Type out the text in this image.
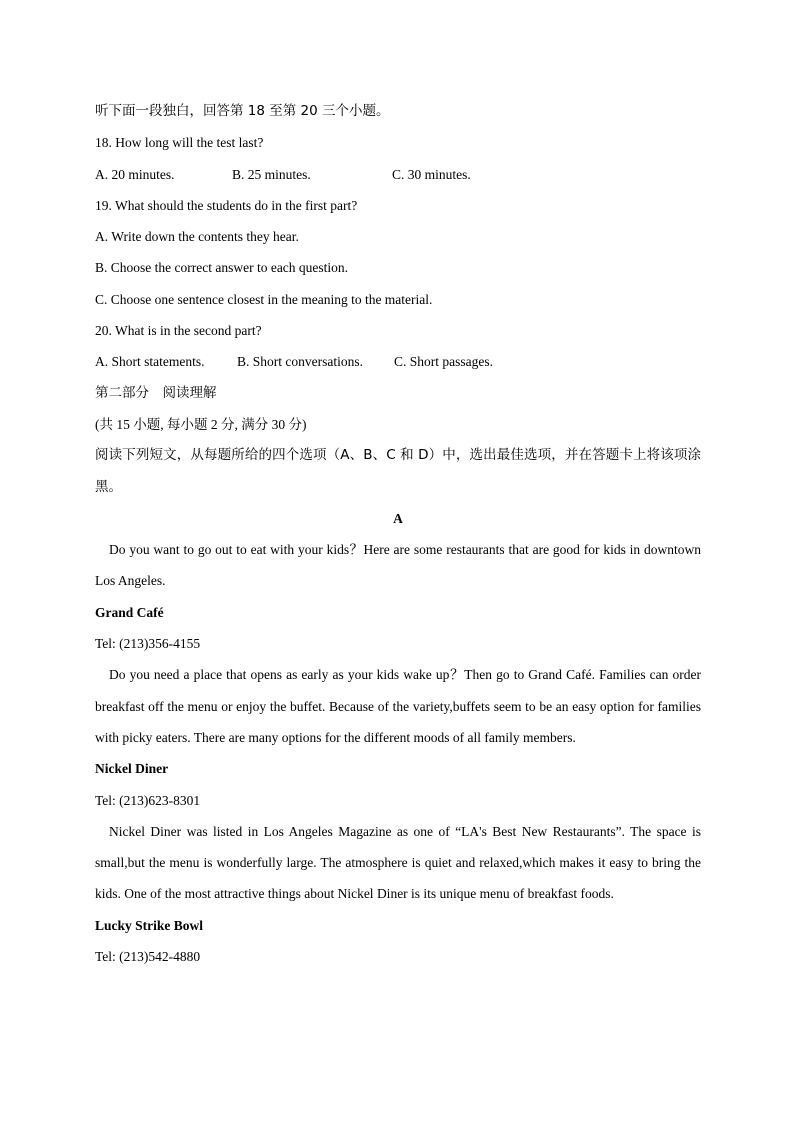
听下面一段独白，回答第 18 至第 20 三个小题。
18. How long will the test last?
A. 20 minutes.	B. 25 minutes.	C. 30 minutes.
19. What should the students do in the first part?
A. Write down the contents they hear.
B. Choose the correct answer to each question.
C. Choose one sentence closest in the meaning to the material.
20. What is in the second part?
A. Short statements.	B. Short conversations.	C. Short passages.
第二部分　阅读理解
(共 15 小题, 每小题 2 分, 满分 30 分)
阅读下列短文，从每题所给的四个选项（A、B、C 和 D）中，选出最佳选项，并在答题卡上将该项涂黑。
A
Do you want to go out to eat with your kids？Here are some restaurants that are good for kids in downtown Los Angeles.
Grand Café
Tel: (213)356-4155
Do you need a place that opens as early as your kids wake up？Then go to Grand Café. Families can order breakfast off the menu or enjoy the buffet. Because of the variety,buffets seem to be an easy option for families with picky eaters. There are many options for the different moods of all family members.
Nickel Diner
Tel: (213)623-8301
Nickel Diner was listed in Los Angeles Magazine as one of “LA's Best New Restaurants”. The space is small,but the menu is wonderfully large. The atmosphere is quiet and relaxed,which makes it easy to bring the kids. One of the most attractive things about Nickel Diner is its unique menu of breakfast foods.
Lucky Strike Bowl
Tel: (213)542-4880
